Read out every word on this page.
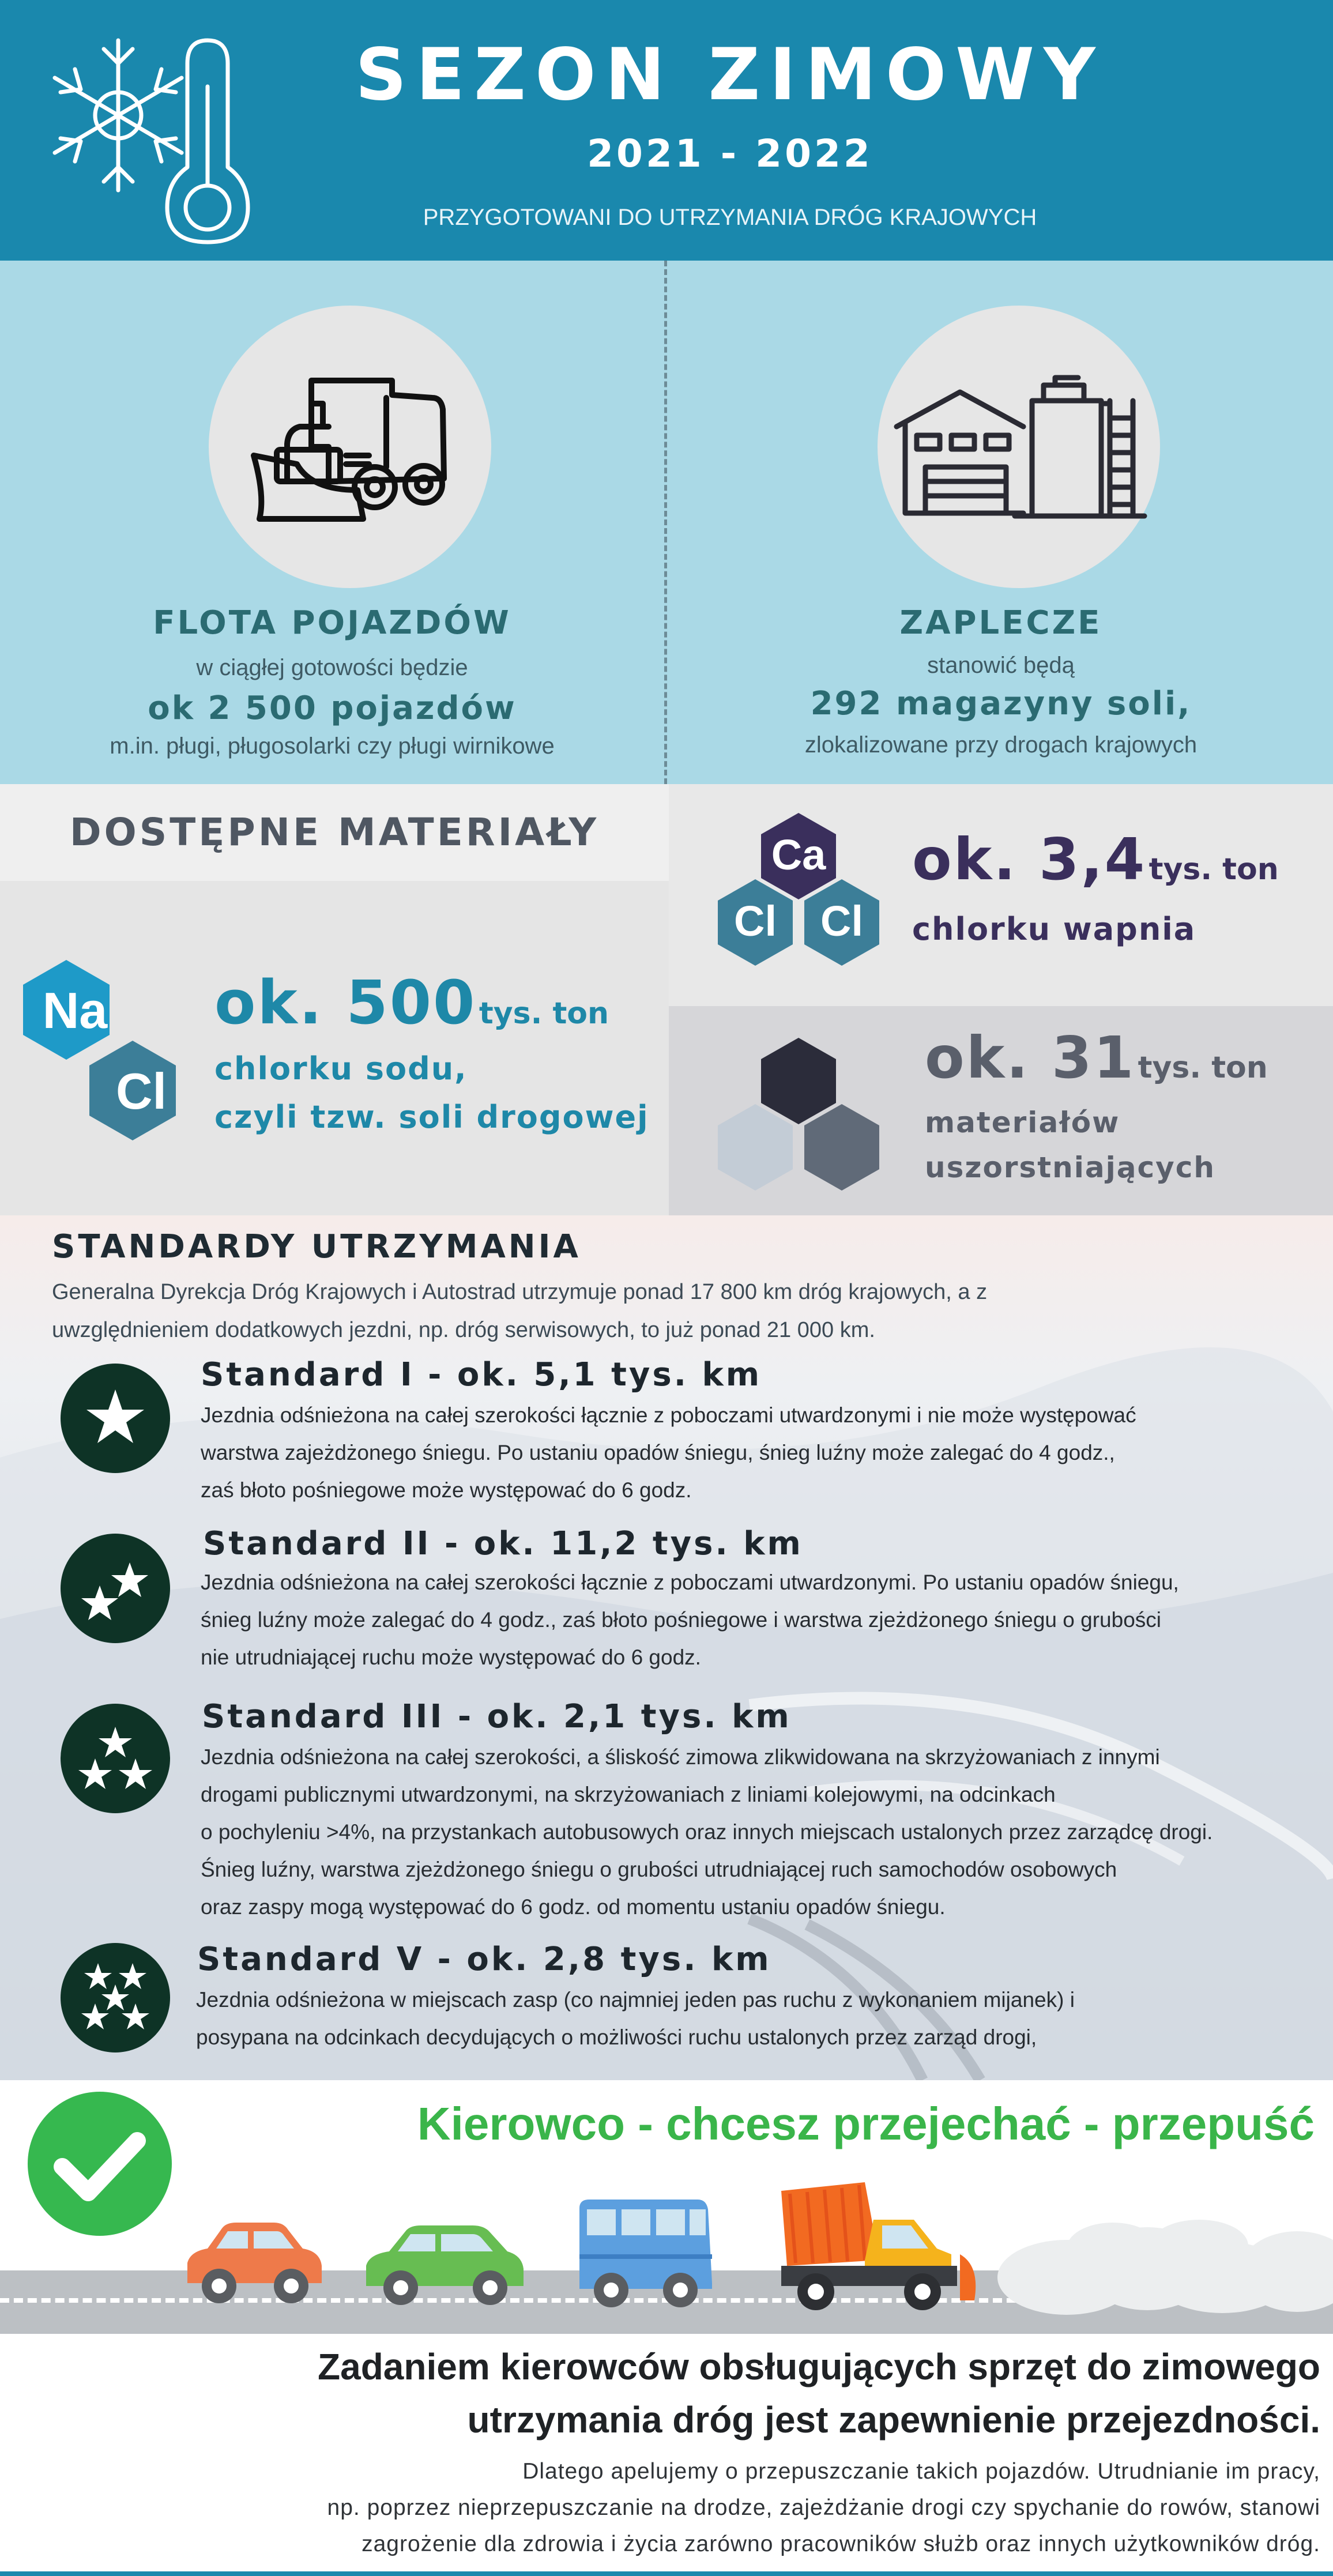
SEZON ZIMOWY
2021 - 2022
PRZYGOTOWANI DO UTRZYMANIA DRÓG KRAJOWYCH
FLOTA POJAZDÓW
w ciągłej gotowości będzie
ok 2 500 pojazdów
m.in. pługi, pługosolarki czy pługi wirnikowe
ZAPLECZE
stanowić będą
292 magazyny soli,
zlokalizowane przy drogach krajowych
DOSTĘPNE MATERIAŁY
Na
Cl
ok. 500 tys. ton
chlorku sodu,
czyli tzw. soli drogowej
Ca
Cl	Cl
ok. 3,4 tys. ton
chlorku wapnia
ok. 31 tys. ton
materiałów
uszorstniających
STANDARDY UTRZYMANIA
Generalna Dyrekcja Dróg Krajowych i Autostrad utrzymuje ponad 17 800 km dróg krajowych, a z
uwzględnieniem dodatkowych jezdni, np. dróg serwisowych, to już ponad 21 000 km.
Standard I - ok. 5,1 tys. km
Jezdnia odśnieżona na całej szerokości łącznie z poboczami utwardzonymi i nie może występować
warstwa zajeżdżonego śniegu. Po ustaniu opadów śniegu, śnieg luźny może zalegać do 4 godz.,
zaś błoto pośniegowe może występować do 6 godz.
Standard II - ok. 11,2 tys. km
Jezdnia odśnieżona na całej szerokości łącznie z poboczami utwardzonymi. Po ustaniu opadów śniegu,
śnieg luźny może zalegać do 4 godz., zaś błoto pośniegowe i warstwa zjeżdżonego śniegu o grubości
nie utrudniającej ruchu może występować do 6 godz.
Standard III - ok. 2,1 tys. km
Jezdnia odśnieżona na całej szerokości, a śliskość zimowa zlikwidowana na skrzyżowaniach z innymi
drogami publicznymi utwardzonymi, na skrzyżowaniach z liniami kolejowymi, na odcinkach
o pochyleniu >4%, na przystankach autobusowych oraz innych miejscach ustalonych przez zarządcę drogi.
Śnieg luźny, warstwa zjeżdżonego śniegu o grubości utrudniającej ruch samochodów osobowych
oraz zaspy mogą występować do 6 godz. od momentu ustaniu opadów śniegu.
Standard V - ok. 2,8 tys. km
Jezdnia odśnieżona w miejscach zasp (co najmniej jeden pas ruchu z wykonaniem mijanek) i
posypana na odcinkach decydujących o możliwości ruchu ustalonych przez zarząd drogi,
Kierowco - chcesz przejechać - przepuść
Zadaniem kierowców obsługujących sprzęt do zimowego
utrzymania dróg jest zapewnienie przejezdności.
Dlatego apelujemy o przepuszczanie takich pojazdów. Utrudnianie im pracy,
np. poprzez nieprzepuszczanie na drodze, zajeżdżanie drogi czy spychanie do rowów, stanowi
zagrożenie dla zdrowia i życia zarówno pracowników służb oraz innych użytkowników dróg.
